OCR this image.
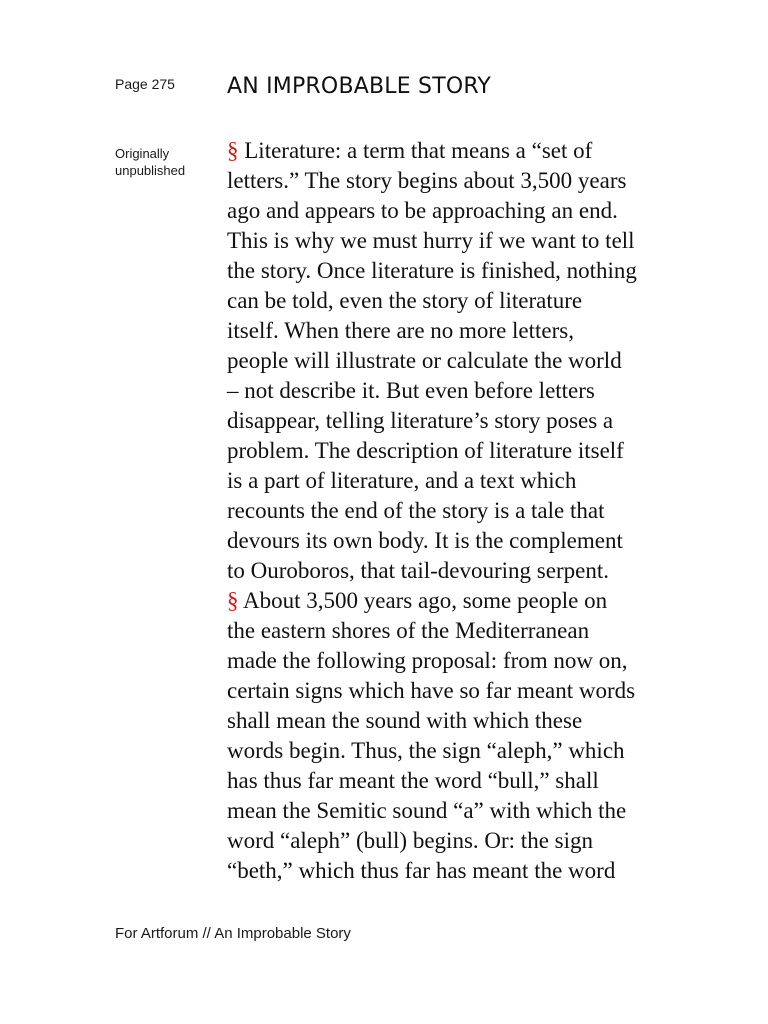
Page 275 AN IMPROBABLE STORY
Originally
unpublished
§ Literature: a term that means a “set of
letters.” The story begins about 3,500 years
ago and appears to be approaching an end.
This is why we must hurry if we want to tell
the story. Once literature is finished, nothing
can be told, even the story of literature
itself. When there are no more letters,
people will illustrate or calculate the world
– not describe it. But even before letters
disappear, telling literature’s story poses a
problem. The description of literature itself
is a part of literature, and a text which
recounts the end of the story is a tale that
devours its own body. It is the complement
to Ouroboros, that tail-devouring serpent.
§ About 3,500 years ago, some people on
the eastern shores of the Mediterranean
made the following proposal: from now on,
certain signs which have so far meant words
shall mean the sound with which these
words begin. Thus, the sign “aleph,” which
has thus far meant the word “bull,” shall
mean the Semitic sound “a” with which the
word “aleph” (bull) begins. Or: the sign
“beth,” which thus far has meant the word
For Artforum // An Improbable Story
